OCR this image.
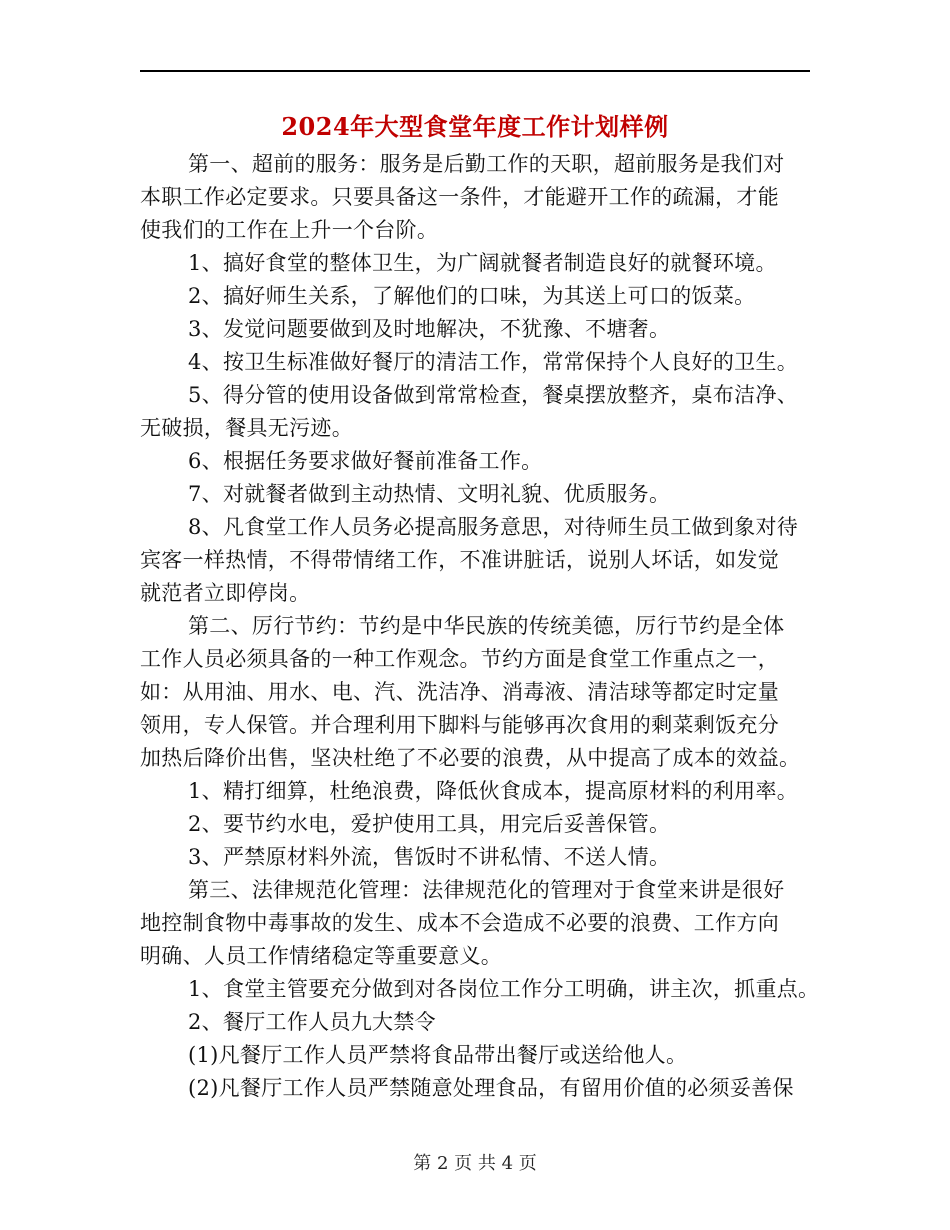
2024年大型食堂年度工作计划样例

第一、超前的服务：服务是后勤工作的天职，超前服务是我们对
本职工作必定要求。只要具备这一条件，才能避开工作的疏漏，才能
使我们的工作在上升一个台阶。

1、搞好食堂的整体卫生，为广阔就餐者制造良好的就餐环境。

2、搞好师生关系，了解他们的口味，为其送上可口的饭菜。

3、发觉问题要做到及时地解决，不犹豫、不塘奢。

4、按卫生标准做好餐厅的清洁工作，常常保持个人良好的卫生。

5、得分管的使用设备做到常常检查，餐桌摆放整齐，桌布洁净、
无破损，餐具无污迹。

6、根据任务要求做好餐前准备工作。

7、对就餐者做到主动热情、文明礼貌、优质服务。

8、凡食堂工作人员务必提高服务意思，对待师生员工做到象对待
宾客一样热情，不得带情绪工作，不准讲脏话，说别人坏话，如发觉
就范者立即停岗。

第二、厉行节约：节约是中华民族的传统美德，厉行节约是全体
工作人员必须具备的一种工作观念。节约方面是食堂工作重点之一，
如：从用油、用水、电、汽、洗洁净、消毒液、清洁球等都定时定量
领用，专人保管。并合理利用下脚料与能够再次食用的剩菜剩饭充分
加热后降价出售，坚决杜绝了不必要的浪费，从中提高了成本的效益。

1、精打细算，杜绝浪费，降低伙食成本，提高原材料的利用率。

2、要节约水电，爱护使用工具，用完后妥善保管。

3、严禁原材料外流，售饭时不讲私情、不送人情。

第三、法律规范化管理：法律规范化的管理对于食堂来讲是很好
地控制食物中毒事故的发生、成本不会造成不必要的浪费、工作方向
明确、人员工作情绪稳定等重要意义。

1、食堂主管要充分做到对各岗位工作分工明确，讲主次，抓重点。

2、餐厅工作人员九大禁令

(1)凡餐厅工作人员严禁将食品带出餐厅或送给他人。

(2)凡餐厅工作人员严禁随意处理食品，有留用价值的必须妥善保

第 2 页 共 4 页
